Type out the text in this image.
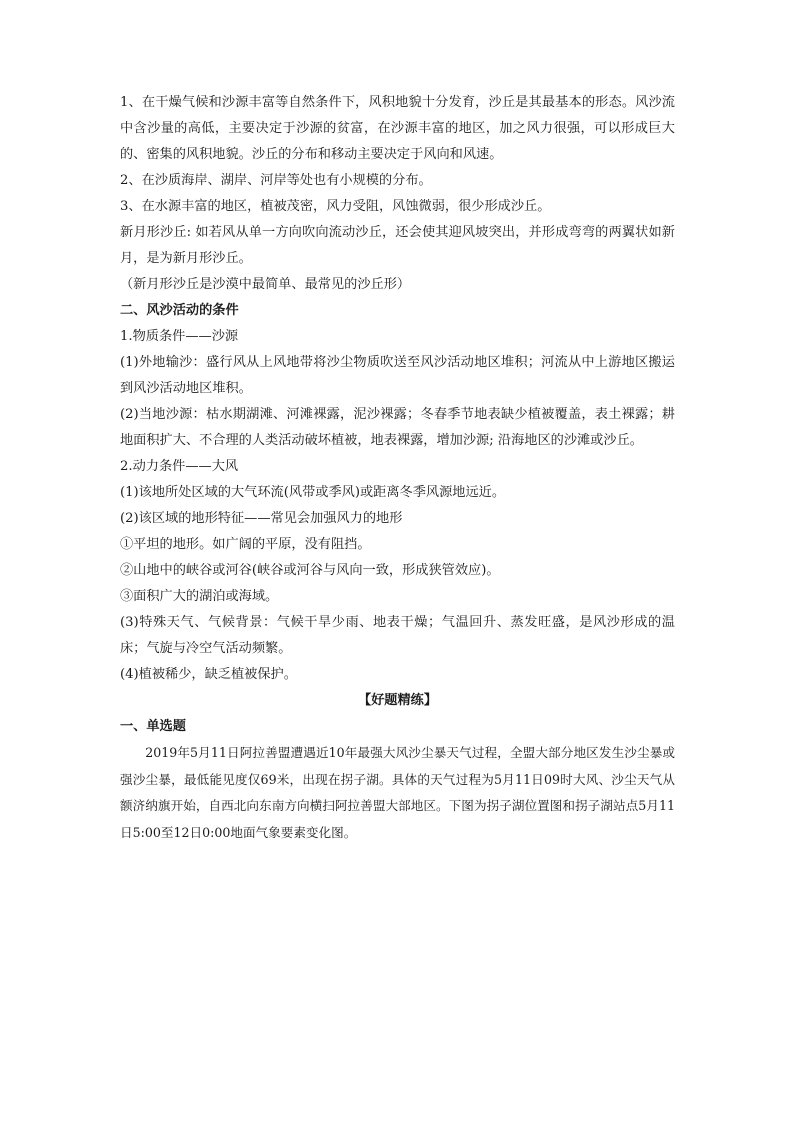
1、在干燥气候和沙源丰富等自然条件下，风积地貌十分发育，沙丘是其最基本的形态。风沙流中含沙量的高低，主要决定于沙源的贫富，在沙源丰富的地区，加之风力很强，可以形成巨大的、密集的风积地貌。沙丘的分布和移动主要决定于风向和风速。

2、在沙质海岸、湖岸、河岸等处也有小规模的分布。

3、在水源丰富的地区，植被茂密，风力受阻，风蚀微弱，很少形成沙丘。

新月形沙丘: 如若风从单一方向吹向流动沙丘，还会使其迎风坡突出，并形成弯弯的两翼状如新月，是为新月形沙丘。

（新月形沙丘是沙漠中最简单、最常见的沙丘形）

二、风沙活动的条件

1.物质条件——沙源

(1)外地输沙：盛行风从上风地带将沙尘物质吹送至风沙活动地区堆积；河流从中上游地区搬运到风沙活动地区堆积。

(2)当地沙源：枯水期湖滩、河滩裸露，泥沙裸露；冬春季节地表缺少植被覆盖，表土裸露；耕地面积扩大、不合理的人类活动破坏植被，地表裸露，增加沙源; 沿海地区的沙滩或沙丘。

2.动力条件——大风

(1)该地所处区域的大气环流(风带或季风)或距离冬季风源地远近。

(2)该区域的地形特征——常见会加强风力的地形

①平坦的地形。如广阔的平原，没有阻挡。

②山地中的峡谷或河谷(峡谷或河谷与风向一致，形成狭管效应)。

③面积广大的湖泊或海域。

(3)特殊天气、气候背景：气候干旱少雨、地表干燥；气温回升、蒸发旺盛，是风沙形成的温床；气旋与冷空气活动频繁。

(4)植被稀少，缺乏植被保护。

【好题精练】

一、单选题

2019年5月11日阿拉善盟遭遇近10年最强大风沙尘暴天气过程，全盟大部分地区发生沙尘暴或强沙尘暴，最低能见度仅69米，出现在拐子湖。具体的天气过程为5月11日09时大风、沙尘天气从额济纳旗开始，自西北向东南方向横扫阿拉善盟大部地区。下图为拐子湖位置图和拐子湖站点5月11日5:00至12日0:00地面气象要素变化图。
